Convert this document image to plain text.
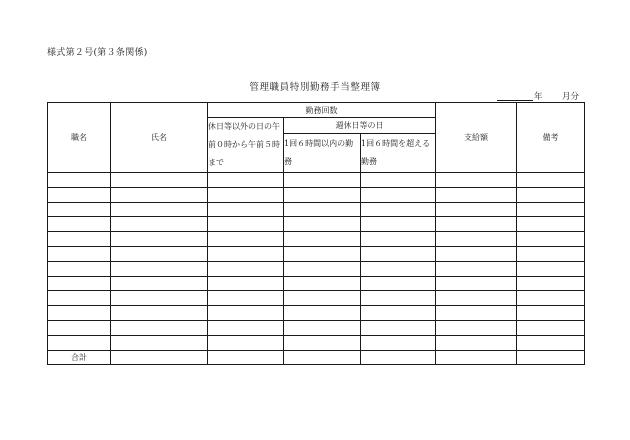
様式第２号(第３条関係)
管理職員特別勤務手当整理簿
年 月分
職名	氏名	勤務回数			支給額	備考
		休日等以外の日の午前０時から午前５時まで	週休日等の日			
			1回６時間以内の勤務	1回６時間を超える勤務		

合計						
